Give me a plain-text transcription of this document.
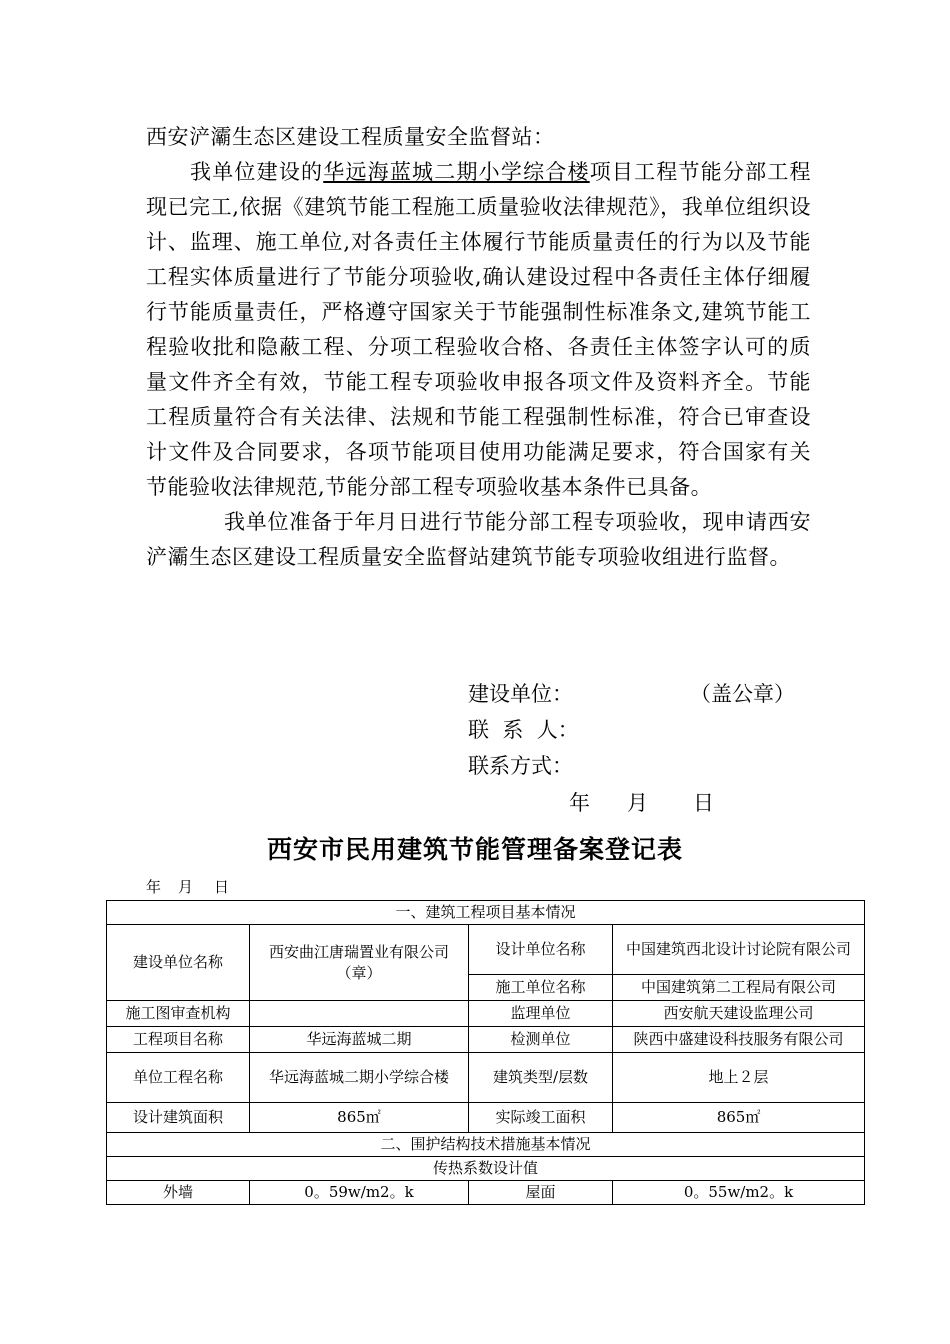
西安浐灞生态区建设工程质量安全监督站：

我单位建设的华远海蓝城二期小学综合楼项目工程节能分部工程现已完工,依据《建筑节能工程施工质量验收法律规范》，我单位组织设计、监理、施工单位,对各责任主体履行节能质量责任的行为以及节能工程实体质量进行了节能分项验收,确认建设过程中各责任主体仔细履行节能质量责任，严格遵守国家关于节能强制性标准条文,建筑节能工程验收批和隐蔽工程、分项工程验收合格、各责任主体签字认可的质量文件齐全有效，节能工程专项验收申报各项文件及资料齐全。节能工程质量符合有关法律、法规和节能工程强制性标准，符合已审查设计文件及合同要求，各项节能项目使用功能满足要求，符合国家有关节能验收法律规范,节能分部工程专项验收基本条件已具备。

我单位准备于年月日进行节能分部工程专项验收，现申请西安浐灞生态区建设工程质量安全监督站建筑节能专项验收组进行监督。

建设单位：	（盖公章）
联  系  人：
联系方式：
年 月 日
西安市民用建筑节能管理备案登记表
年 月 日
一、建筑工程项目基本情况			
建设单位名称	西安曲江唐瑞置业有限公司（章）	设计单位名称	中国建筑西北设计讨论院有限公司
		施工单位名称	中国建筑第二工程局有限公司
施工图审查机构		监理单位	西安航天建设监理公司
工程项目名称	华远海蓝城二期	检测单位	陕西中盛建设科技服务有限公司
单位工程名称	华远海蓝城二期小学综合楼	建筑类型/层数	地上２层
设计建筑面积	865㎡	实际竣工面积	865㎡
二、围护结构技术措施基本情况			
传热系数设计值			
外墙	0。59w/m2。k	屋面	0。55w/m2。k
